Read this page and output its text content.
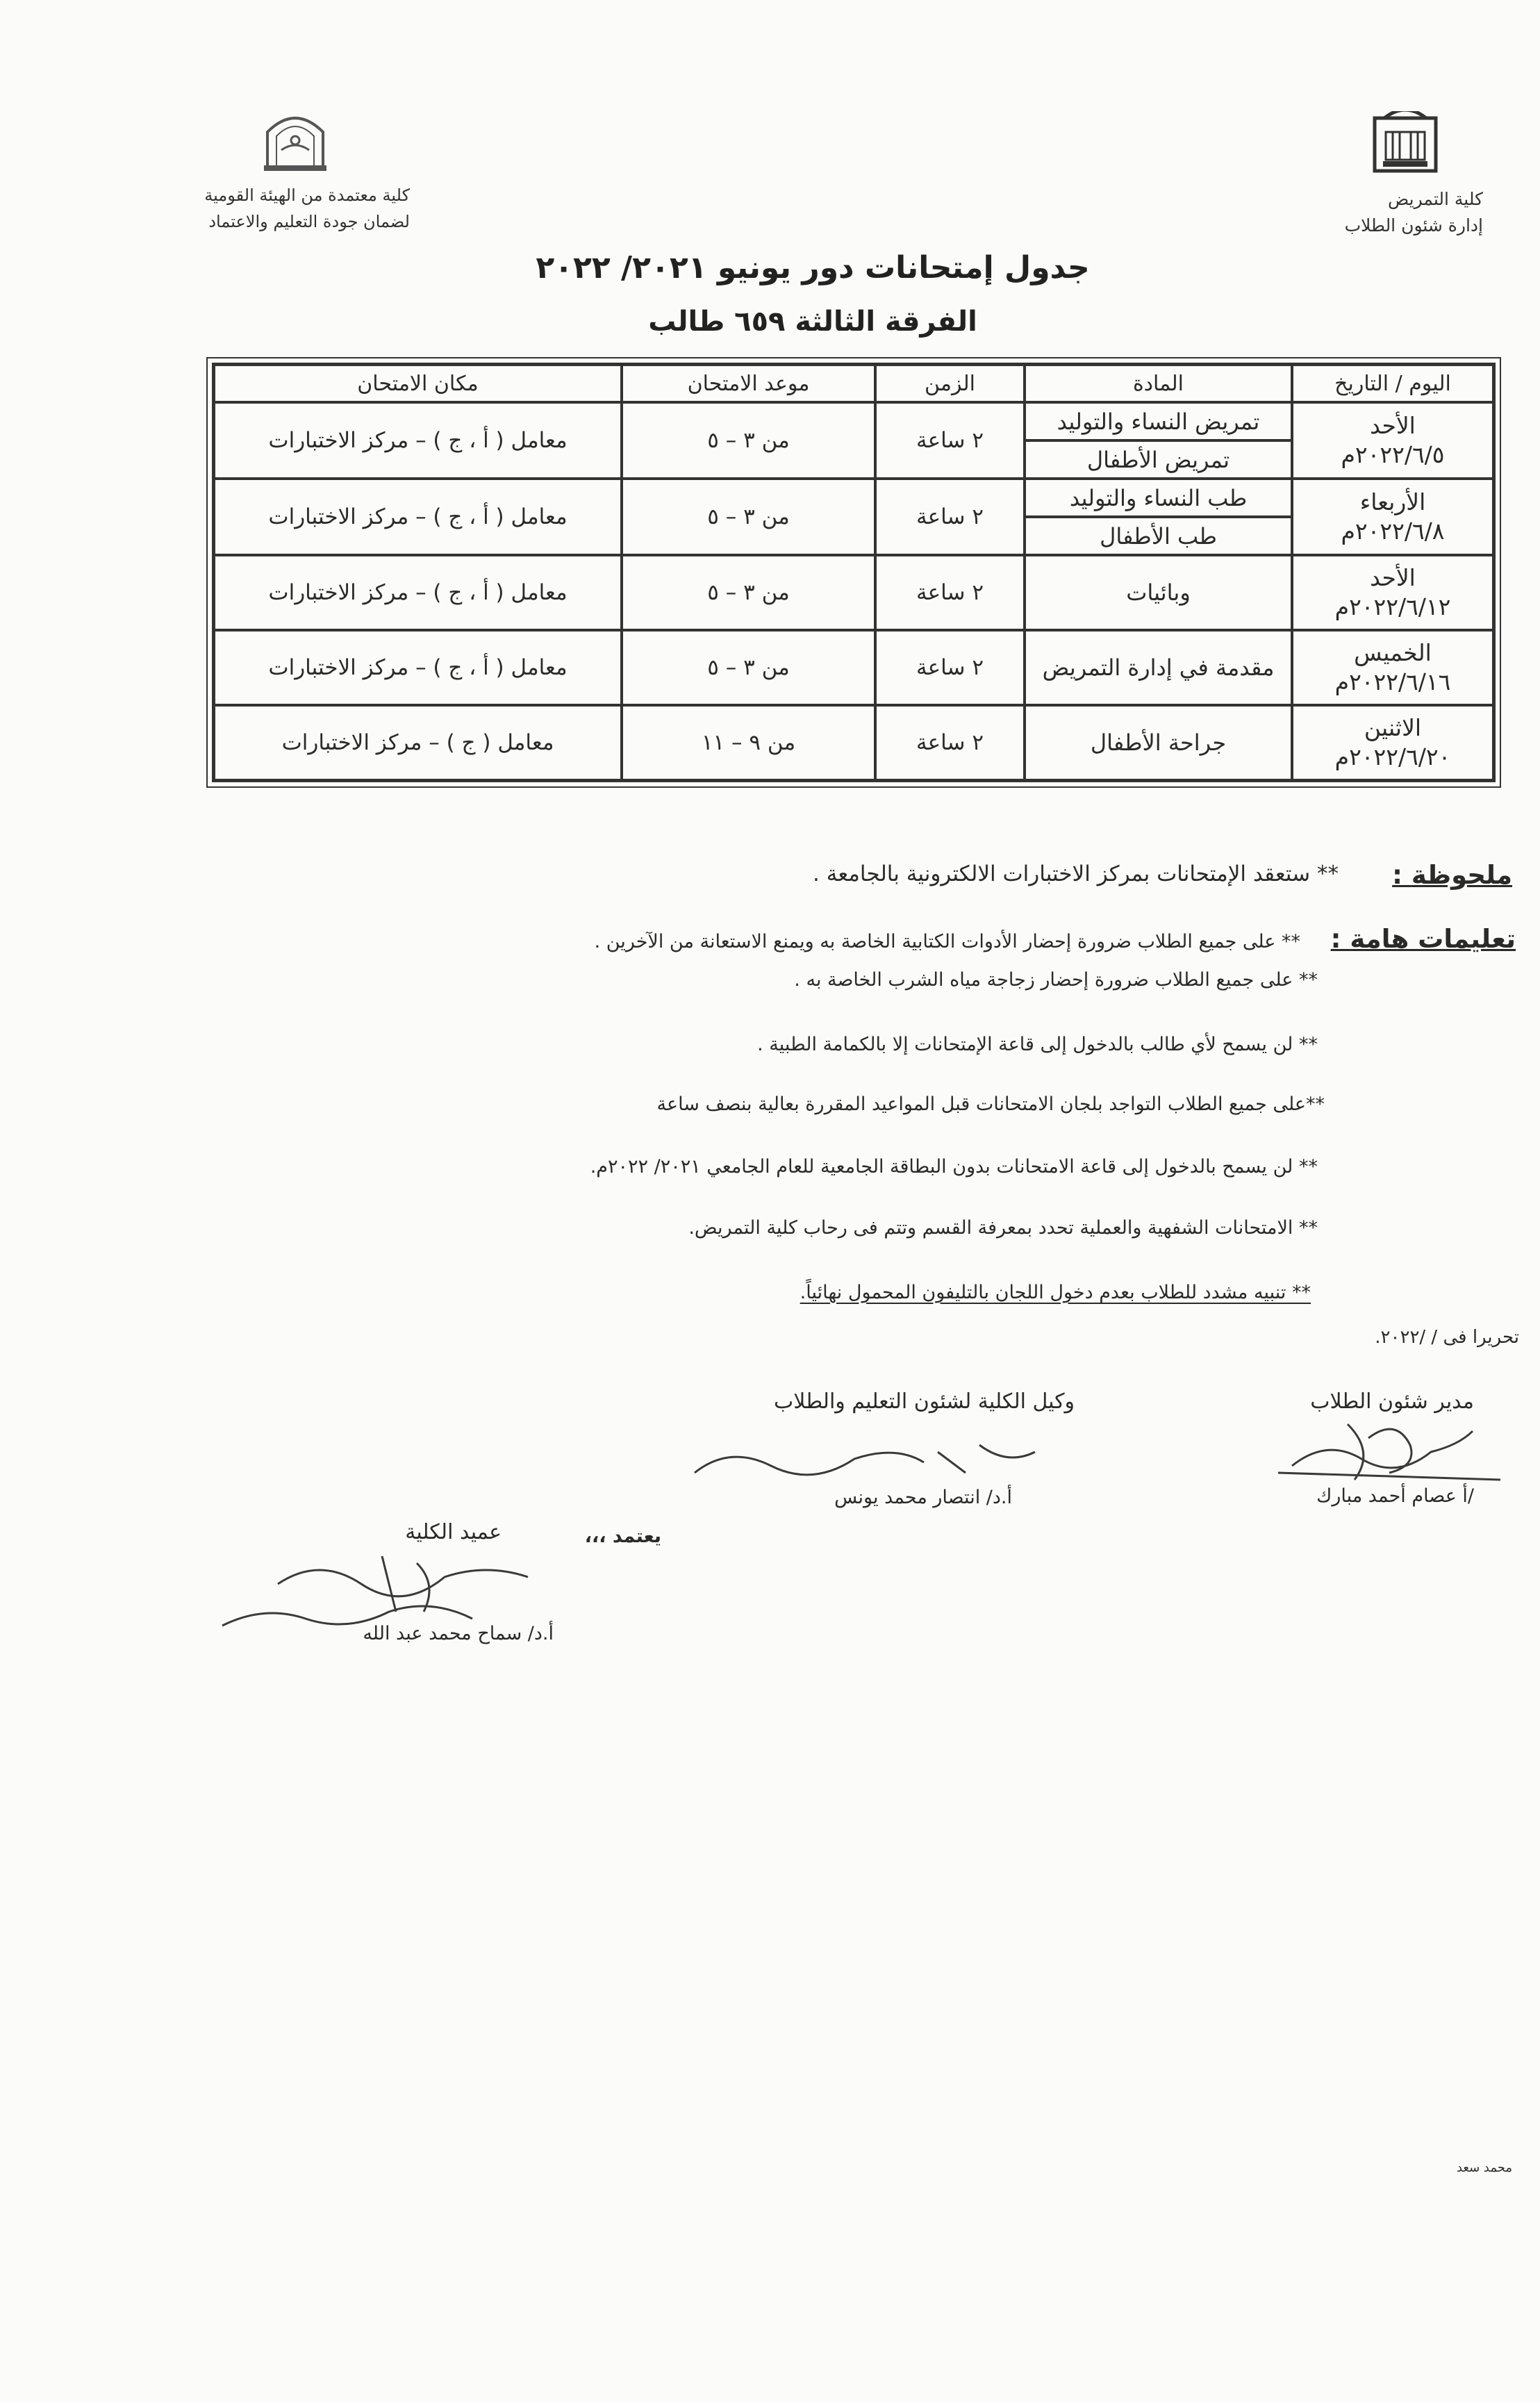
كلية التمريض
إدارة شئون الطلاب
كلية معتمدة من الهيئة القومية
لضمان جودة التعليم والاعتماد
جدول إمتحانات دور يونيو ٢٠٢١/ ٢٠٢٢
الفرقة الثالثة ٦٥٩ طالب
اليوم / التاريخ	المادة	الزمن	موعد الامتحان	مكان الامتحان

الأحد
٢٠٢٢/٦/٥م	تمريض النساء والتوليد	٢ ساعة	من ٣ – ٥	معامل ( أ ، ج ) – مركز الاختبارات
	تمريض الأطفال			

الأربعاء
٢٠٢٢/٦/٨م	طب النساء والتوليد	٢ ساعة	من ٣ – ٥	معامل ( أ ، ج ) – مركز الاختبارات
	طب الأطفال			

الأحد
٢٠٢٢/٦/١٢م	وبائيات	٢ ساعة	من ٣ – ٥	معامل ( أ ، ج ) – مركز الاختبارات

الخميس
٢٠٢٢/٦/١٦م	مقدمة في إدارة التمريض	٢ ساعة	من ٣ – ٥	معامل ( أ ، ج ) – مركز الاختبارات

الاثنين
٢٠٢٢/٦/٢٠م	جراحة الأطفال	٢ ساعة	من ٩ – ١١	معامل ( ج ) – مركز الاختبارات
ملحوظة :
** ستعقد الإمتحانات بمركز الاختبارات الالكترونية بالجامعة .
تعليمات هامة :
** على جميع الطلاب ضرورة إحضار الأدوات الكتابية الخاصة به ويمنع الاستعانة من الآخرين .
** على جميع الطلاب ضرورة إحضار زجاجة مياه الشرب الخاصة به .
** لن يسمح لأي طالب بالدخول إلى قاعة الإمتحانات إلا بالكمامة الطبية .
**على جميع الطلاب التواجد بلجان الامتحانات قبل المواعيد المقررة بعالية بنصف ساعة
** لن يسمح بالدخول إلى قاعة الامتحانات بدون البطاقة الجامعية للعام الجامعي ٢٠٢١/ ٢٠٢٢م.
** الامتحانات الشفهية والعملية تحدد بمعرفة القسم وتتم فى رحاب كلية التمريض.
** تنبيه مشدد للطلاب بعدم دخول اللجان بالتليفون المحمول نهائياً.
تحريرا فى / /٢٠٢٢.
مدير شئون الطلاب
/أ عصام أحمد مبارك
وكيل الكلية لشئون التعليم والطلاب
أ.د/ انتصار محمد يونس
يعتمد ،،،
عميد الكلية
أ.د/ سماح محمد عبد الله
محمد سعد
